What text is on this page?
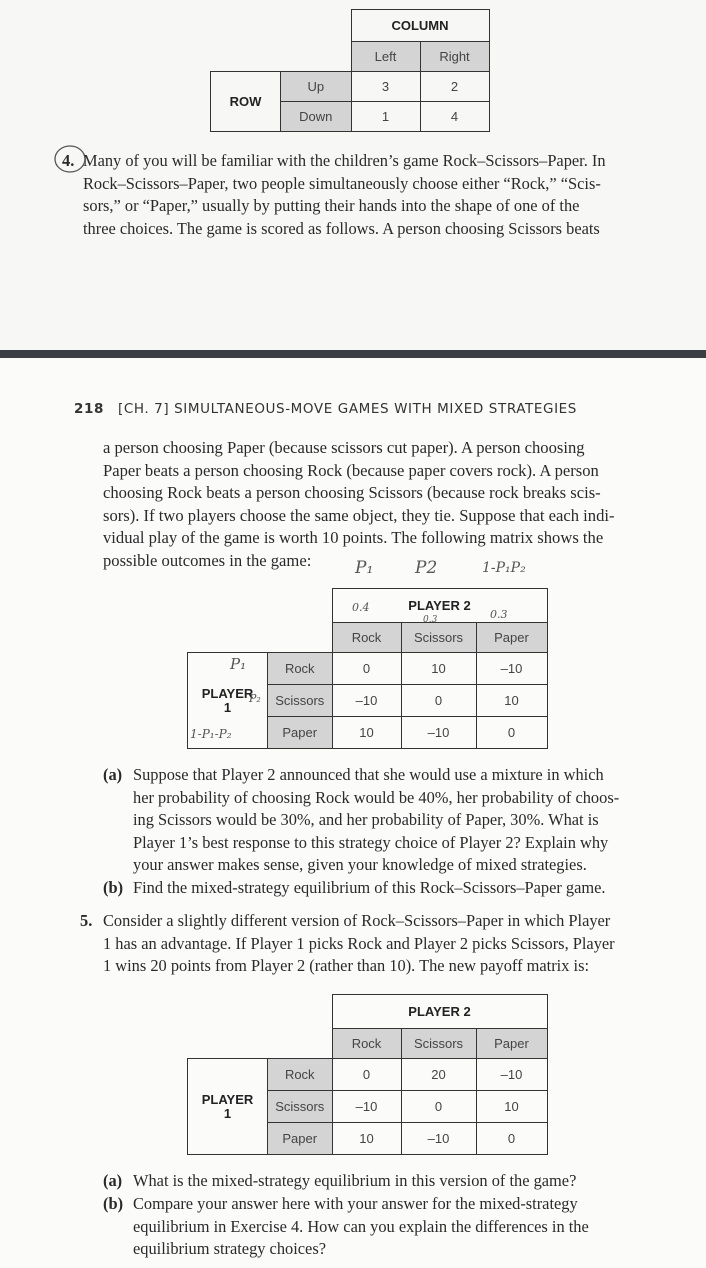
		COLUMN	
		Left	Right
ROW	Up	3	2
	Down	1	4
4. Many of you will be familiar with the children’s game Rock–Scissors–Paper. In
Rock–Scissors–Paper, two people simultaneously choose either “Rock,” “Scis-
sors,” or “Paper,” usually by putting their hands into the shape of one of the
three choices. The game is scored as follows. A person choosing Scissors beats
218 [CH. 7] SIMULTANEOUS-MOVE GAMES WITH MIXED STRATEGIES
a person choosing Paper (because scissors cut paper). A person choosing
Paper beats a person choosing Rock (because paper covers rock). A person
choosing Rock beats a person choosing Scissors (because rock breaks scis-
sors). If two players choose the same object, they tie. Suppose that each indi-
vidual play of the game is worth 10 points. The following matrix shows the
possible outcomes in the game:	P₁ P2	1-P₁P₂
		PLAYER 2		
		Rock	Scissors	Paper
PLAYER
1	Rock	0	10	–10
	Scissors	–10	0	10
	Paper	10	–10	0
0.4
0.3
0.3
P₁
P₂
1-P₁-P₂
(a) Suppose that Player 2 announced that she would use a mixture in which
her probability of choosing Rock would be 40%, her probability of choos-
ing Scissors would be 30%, and her probability of Paper, 30%. What is
Player 1’s best response to this strategy choice of Player 2? Explain why
your answer makes sense, given your knowledge of mixed strategies.
(b) Find the mixed-strategy equilibrium of this Rock–Scissors–Paper game.
5. Consider a slightly different version of Rock–Scissors–Paper in which Player
1 has an advantage. If Player 1 picks Rock and Player 2 picks Scissors, Player
1 wins 20 points from Player 2 (rather than 10). The new payoff matrix is:
		PLAYER 2		
		Rock	Scissors	Paper
PLAYER
1	Rock	0	20	–10
	Scissors	–10	0	10
	Paper	10	–10	0
(a) What is the mixed-strategy equilibrium in this version of the game?
(b) Compare your answer here with your answer for the mixed-strategy
equilibrium in Exercise 4. How can you explain the differences in the
equilibrium strategy choices?
